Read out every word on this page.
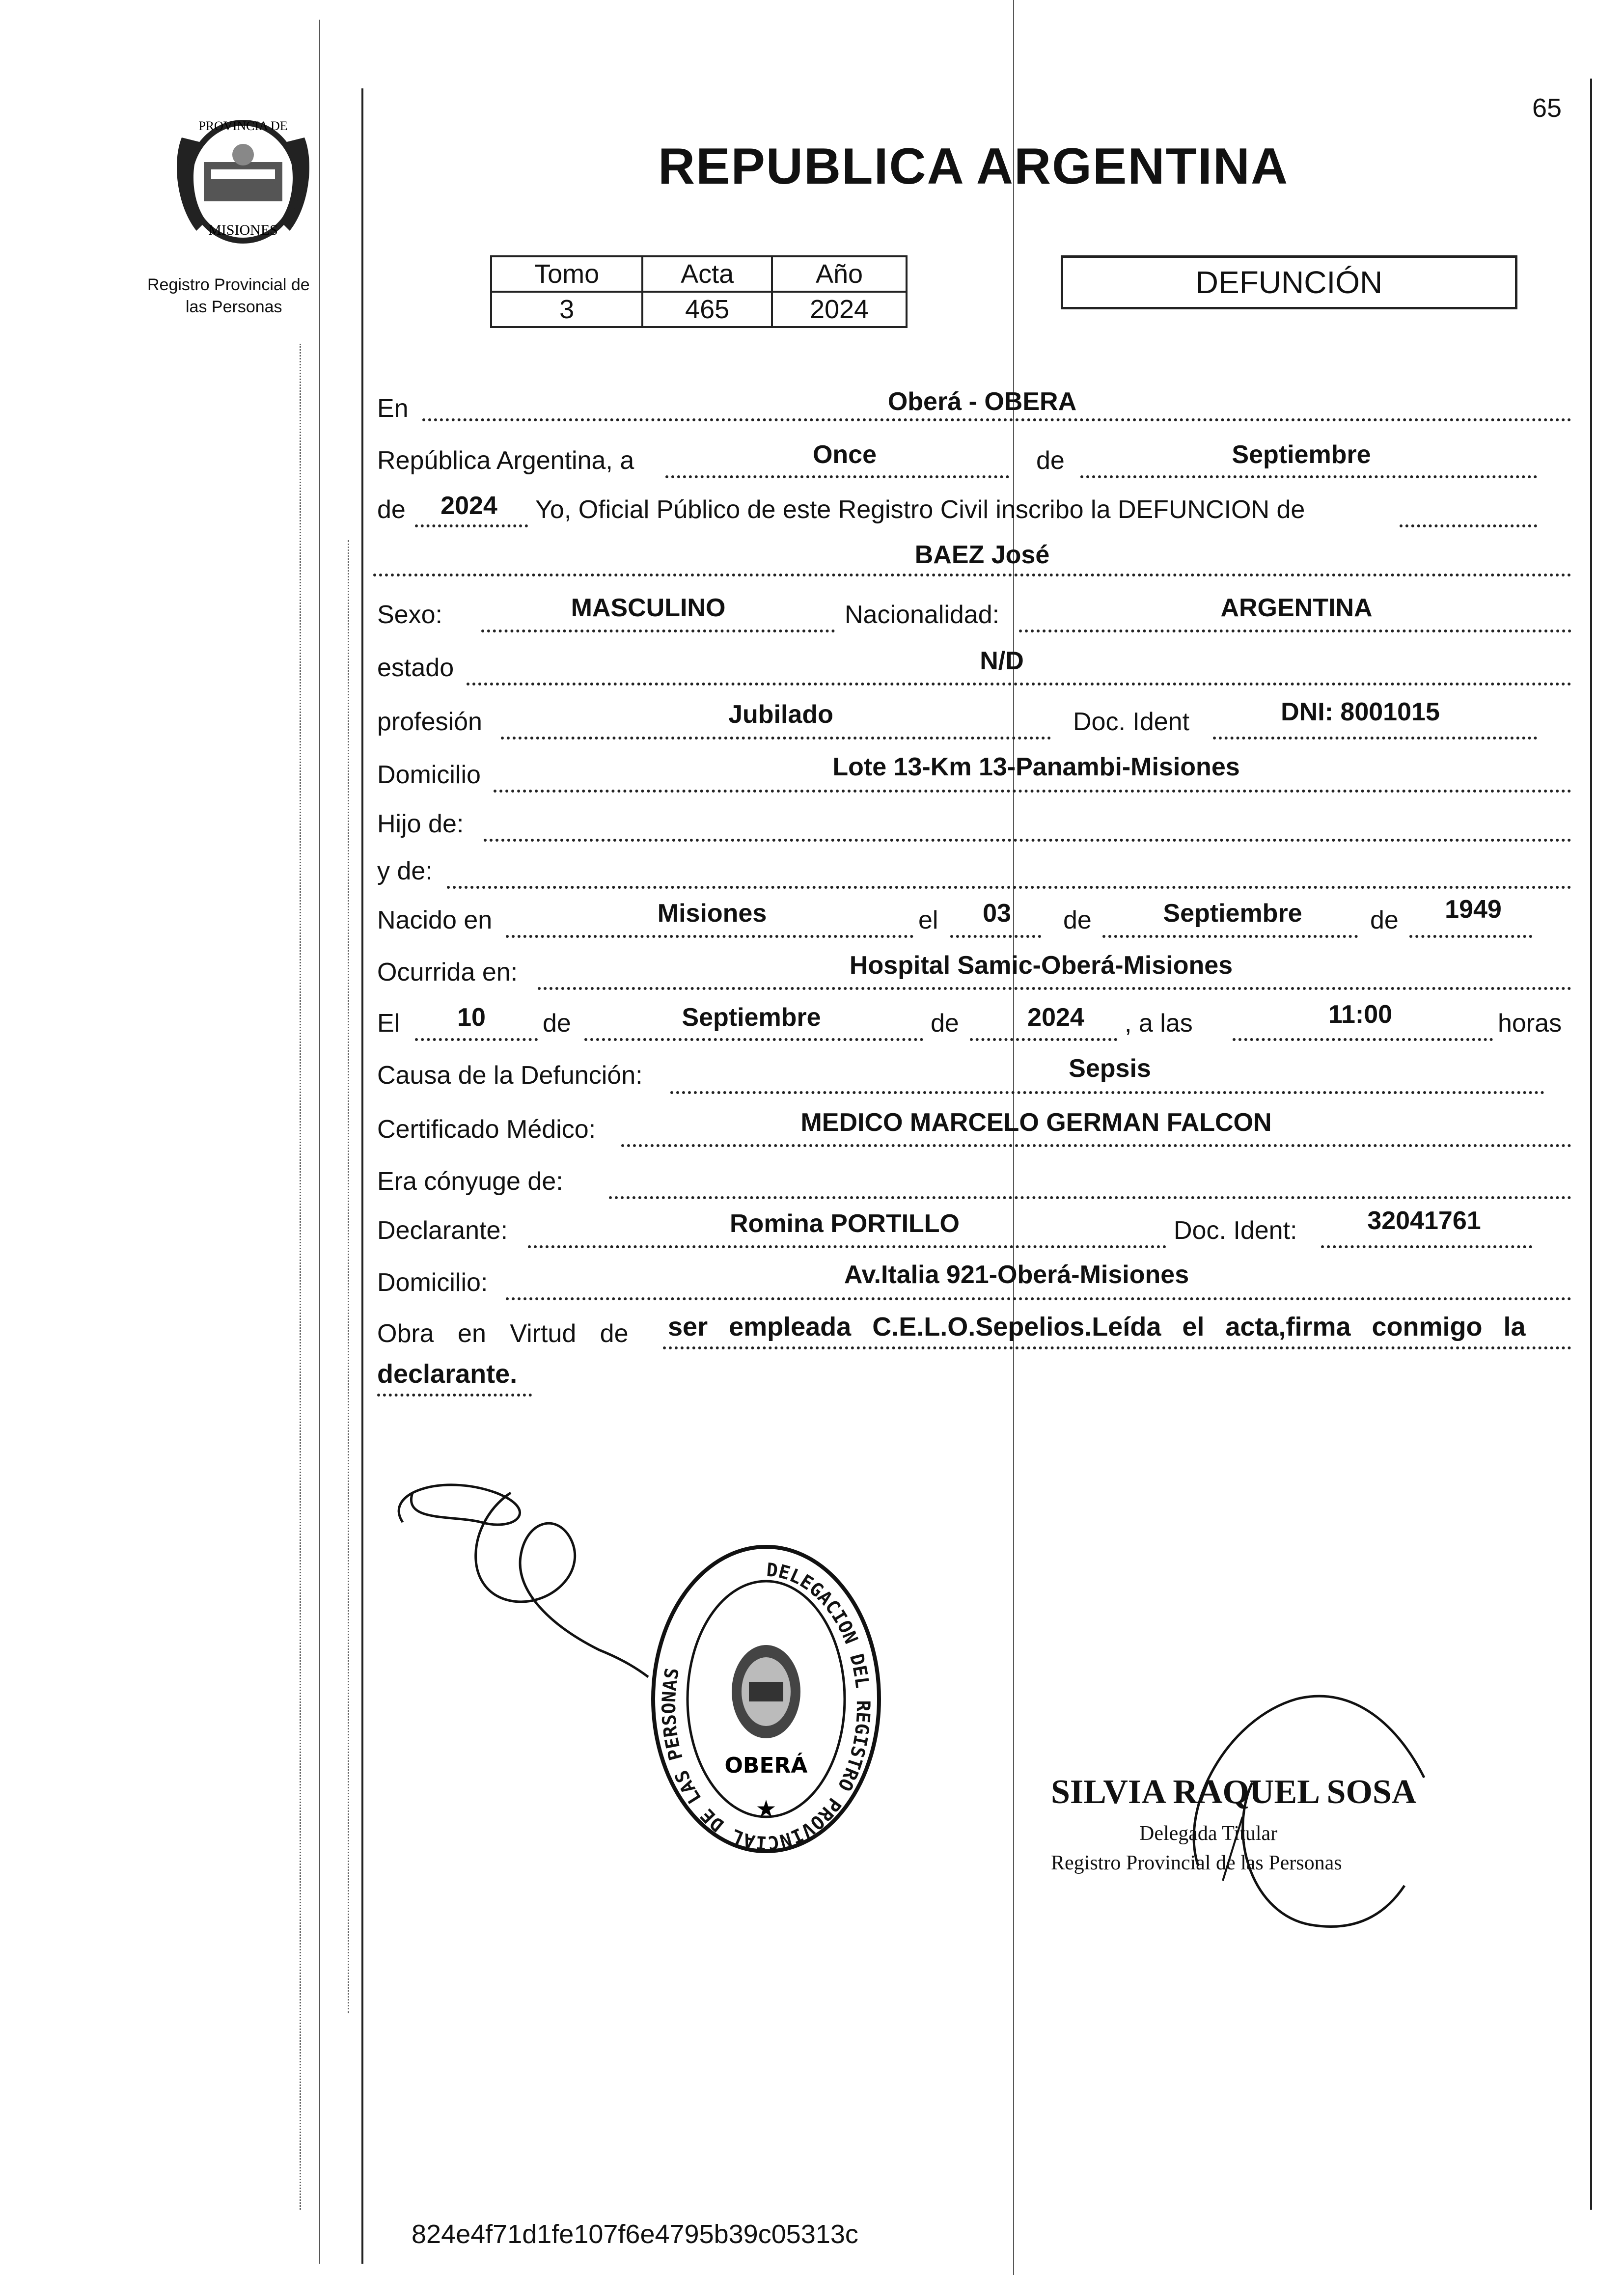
65
PROVINCIA DE
MISIONES
Registro Provincial de
las Personas
REPUBLICA ARGENTINA
Tomo	Acta	Año
3	465	2024
DEFUNCIÓN
En	Oberá - OBERA
República Argentina, a	Once	de	Septiembre
de	2024	Yo, Oficial Público de este Registro Civil inscribo la DEFUNCION de
BAEZ José
Sexo:	MASCULINO	Nacionalidad:	ARGENTINA
estado	N/D
profesión	Jubilado	Doc. Ident	DNI: 8001015
Domicilio	Lote 13-Km 13-Panambi-Misiones
Hijo de:
y de:
Nacido en	Misiones	el	03	de	Septiembre	de	1949
Ocurrida en:	Hospital Samic-Oberá-Misiones
El	10	de	Septiembre	de	2024	, a las	11:00	horas
Causa de la Defunción:	Sepsis
Certificado Médico:	MEDICO MARCELO GERMAN FALCON
Era cónyuge de:
Declarante:	Romina PORTILLO	Doc. Ident:	32041761
Domicilio:	Av.Italia 921-Oberá-Misiones
Obra en Virtud de ser empleada C.E.L.O.Sepelios.Leída el acta,firma conmigo la
declarante.
DELEGACION DEL REGISTRO PROVINCIAL DE LAS PERSONAS
OBERÁ
★	SILVIA RAQUEL SOSA
Delegada Titular
Registro Provincial de las Personas
824e4f71d1fe107f6e4795b39c05313c
